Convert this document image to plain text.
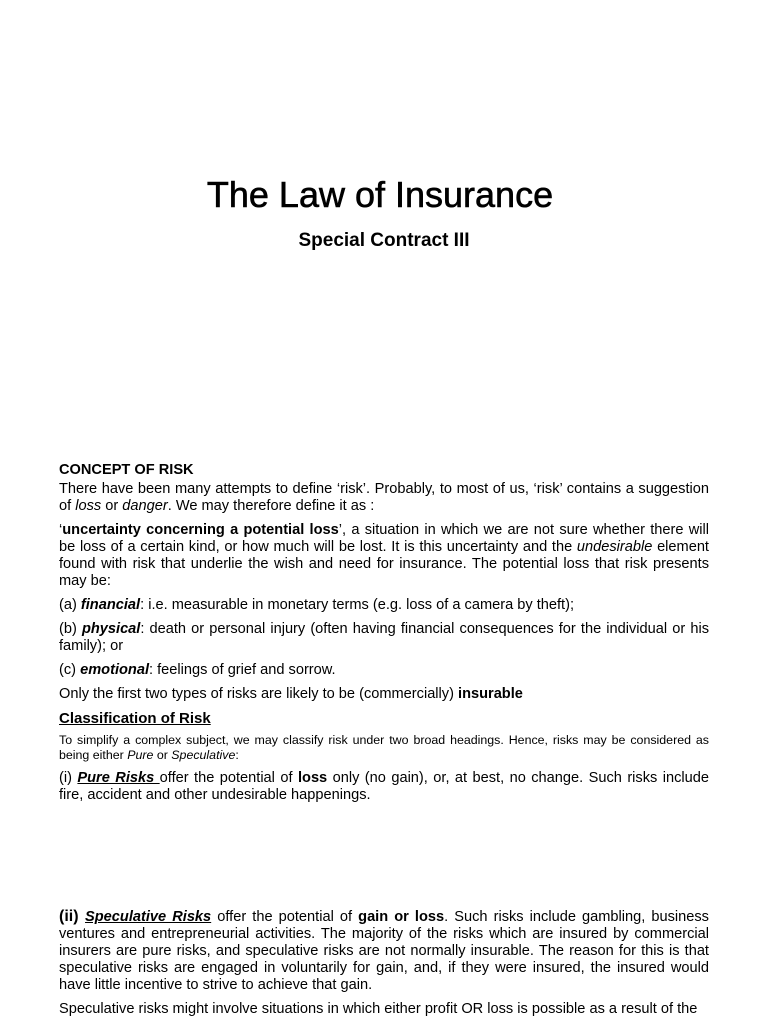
The Law of Insurance
Special Contract III
CONCEPT OF RISK

There have been many attempts to define ‘risk’. Probably, to most of us, ‘risk’ contains a suggestion of loss or danger. We may therefore define it as :

‘uncertainty concerning a potential loss’, a situation in which we are not sure whether there will be loss of a certain kind, or how much will be lost. It is this uncertainty and the undesirable element found with risk that underlie the wish and need for insurance. The potential loss that risk presents may be:

(a) financial: i.e. measurable in monetary terms (e.g. loss of a camera by theft);

(b) physical: death or personal injury (often having financial consequences for the individual or his family); or

(c) emotional: feelings of grief and sorrow.

Only the first two types of risks are likely to be (commercially) insurable

Classification of Risk

To simplify a complex subject, we may classify risk under two broad headings. Hence, risks may be considered as being either Pure or Speculative:

(i) Pure Risks offer the potential of loss only (no gain), or, at best, no change. Such risks include fire, accident and other undesirable happenings.

(ii) Speculative Risks offer the potential of gain or loss. Such risks include gambling, business ventures and entrepreneurial activities. The majority of the risks which are insured by commercial insurers are pure risks, and speculative risks are not normally insurable. The reason for this is that speculative risks are engaged in voluntarily for gain, and, if they were insured, the insured would have little incentive to strive to achieve that gain.

Speculative risks might involve situations in which either profit OR loss is possible as a result of the
